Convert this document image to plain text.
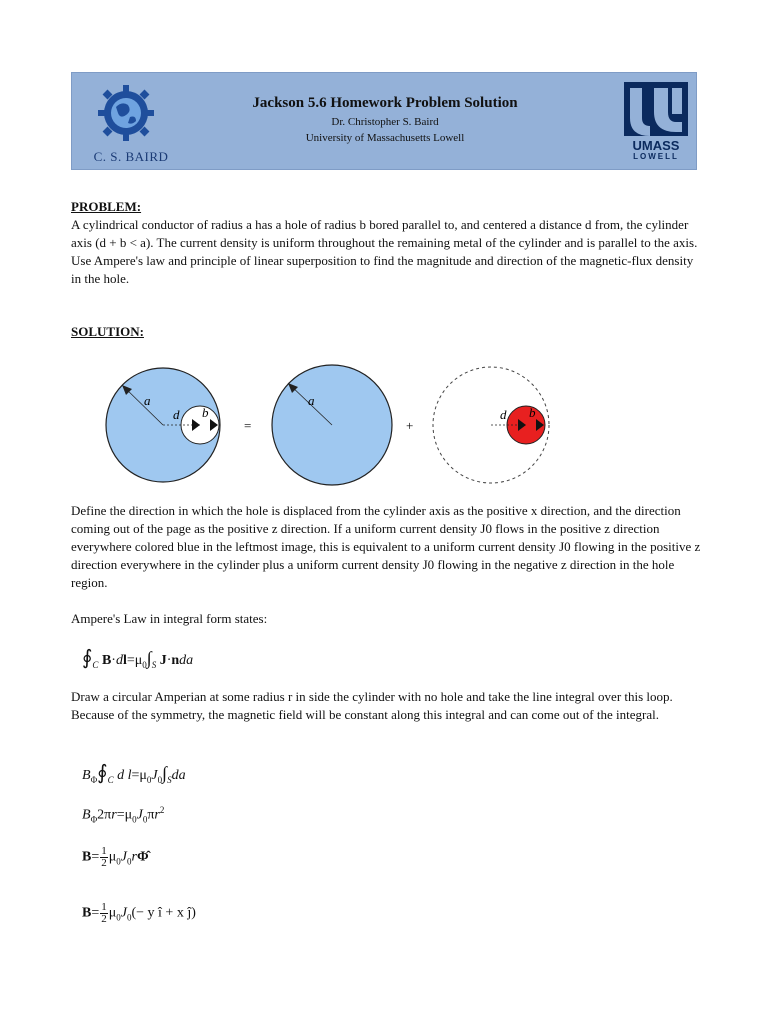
C. S. BAIRD
Jackson 5.6 Homework Problem Solution
Dr. Christopher S. Baird
University of Massachusetts Lowell	UMASS
LOWELL
PROBLEM:

A cylindrical conductor of radius a has a hole of radius b bored parallel to, and centered a distance d from, the cylinder axis (d + b < a). The current density is uniform throughout the remaining metal of the cylinder and is parallel to the axis. Use Ampere's law and principle of linear superposition to find the magnitude and direction of the magnetic-flux density in the hole.

SOLUTION:
a
d b
=
a
+
d b

Define the direction in which the hole is displaced from the cylinder axis as the positive x direction, and the direction coming out of the page as the positive z direction. If a uniform current density J0 flows in the positive z direction everywhere colored blue in the leftmost image, this is equivalent to a uniform current density J0 flowing in the positive z direction everywhere in the cylinder plus a uniform current density J0 flowing in the negative z direction in the hole region.

Ampere's Law in integral form states:

$∮_C$ $B\cdot dl=\mu_0\int_S$ J·nda

Draw a circular Amperian at some radius r in side the cylinder with no hole and take the line integral over this loop. Because of the symmetry, the magnetic field will be constant along this integral and can come out of the integral.

$B_\Phi∮_C$ d $l=\mu_0J_0\int_Sda$
$B_\Phi 2\pi r=\mu_0J_0\pi r^2$
$B= \frac{1}{2}$ $\mu_0J_0r\Phî$
$B= \frac{1}{2} \mu_0J_0(- y$ î + x ĵ)
